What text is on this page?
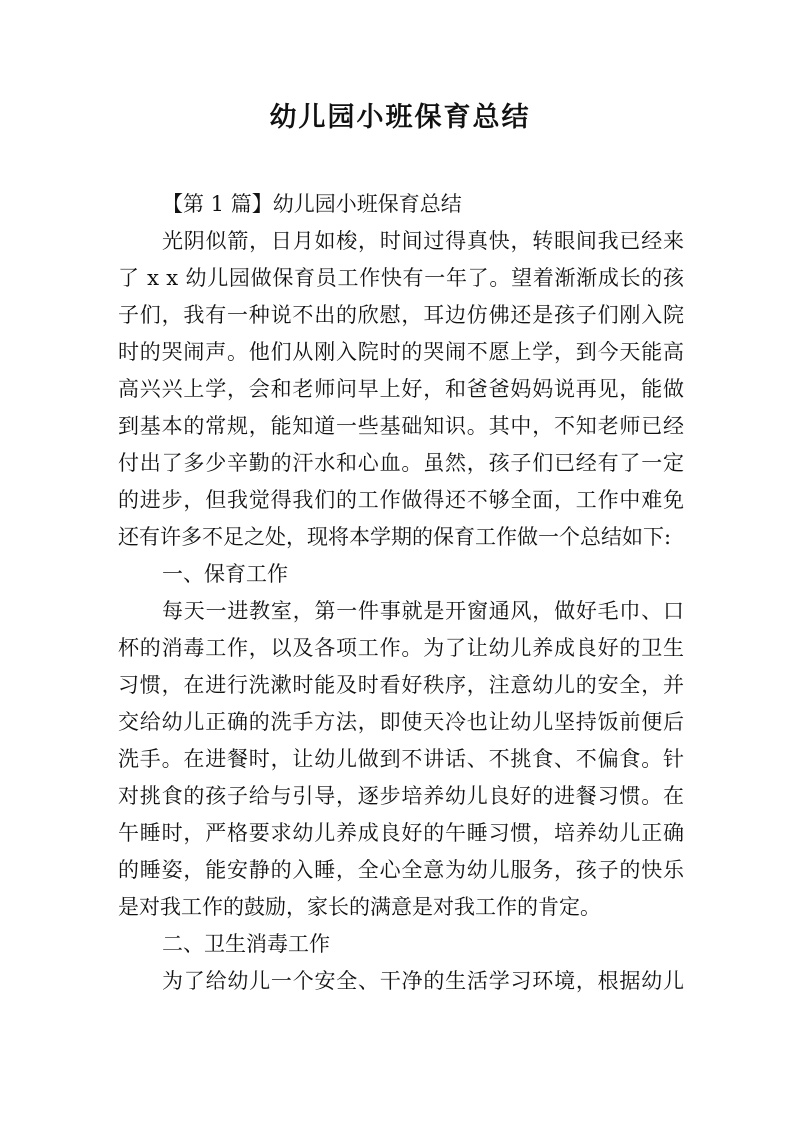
幼儿园小班保育总结
【第 1 篇】幼儿园小班保育总结
光阴似箭，日月如梭，时间过得真快，转眼间我已经来
了 x x 幼儿园做保育员工作快有一年了。望着渐渐成长的孩
子们，我有一种说不出的欣慰，耳边仿佛还是孩子们刚入院
时的哭闹声。他们从刚入院时的哭闹不愿上学，到今天能高
高兴兴上学，会和老师问早上好，和爸爸妈妈说再见，能做
到基本的常规，能知道一些基础知识。其中，不知老师已经
付出了多少辛勤的汗水和心血。虽然，孩子们已经有了一定
的进步，但我觉得我们的工作做得还不够全面，工作中难免
还有许多不足之处，现将本学期的保育工作做一个总结如下:
一、保育工作
每天一进教室，第一件事就是开窗通风，做好毛巾、口
杯的消毒工作，以及各项工作。为了让幼儿养成良好的卫生
习惯，在进行洗漱时能及时看好秩序，注意幼儿的安全，并
交给幼儿正确的洗手方法，即使天冷也让幼儿坚持饭前便后
洗手。在进餐时，让幼儿做到不讲话、不挑食、不偏食。针
对挑食的孩子给与引导，逐步培养幼儿良好的进餐习惯。在
午睡时，严格要求幼儿养成良好的午睡习惯，培养幼儿正确
的睡姿，能安静的入睡，全心全意为幼儿服务，孩子的快乐
是对我工作的鼓励，家长的满意是对我工作的肯定。
二、卫生消毒工作
为了给幼儿一个安全、干净的生活学习环境，根据幼儿
